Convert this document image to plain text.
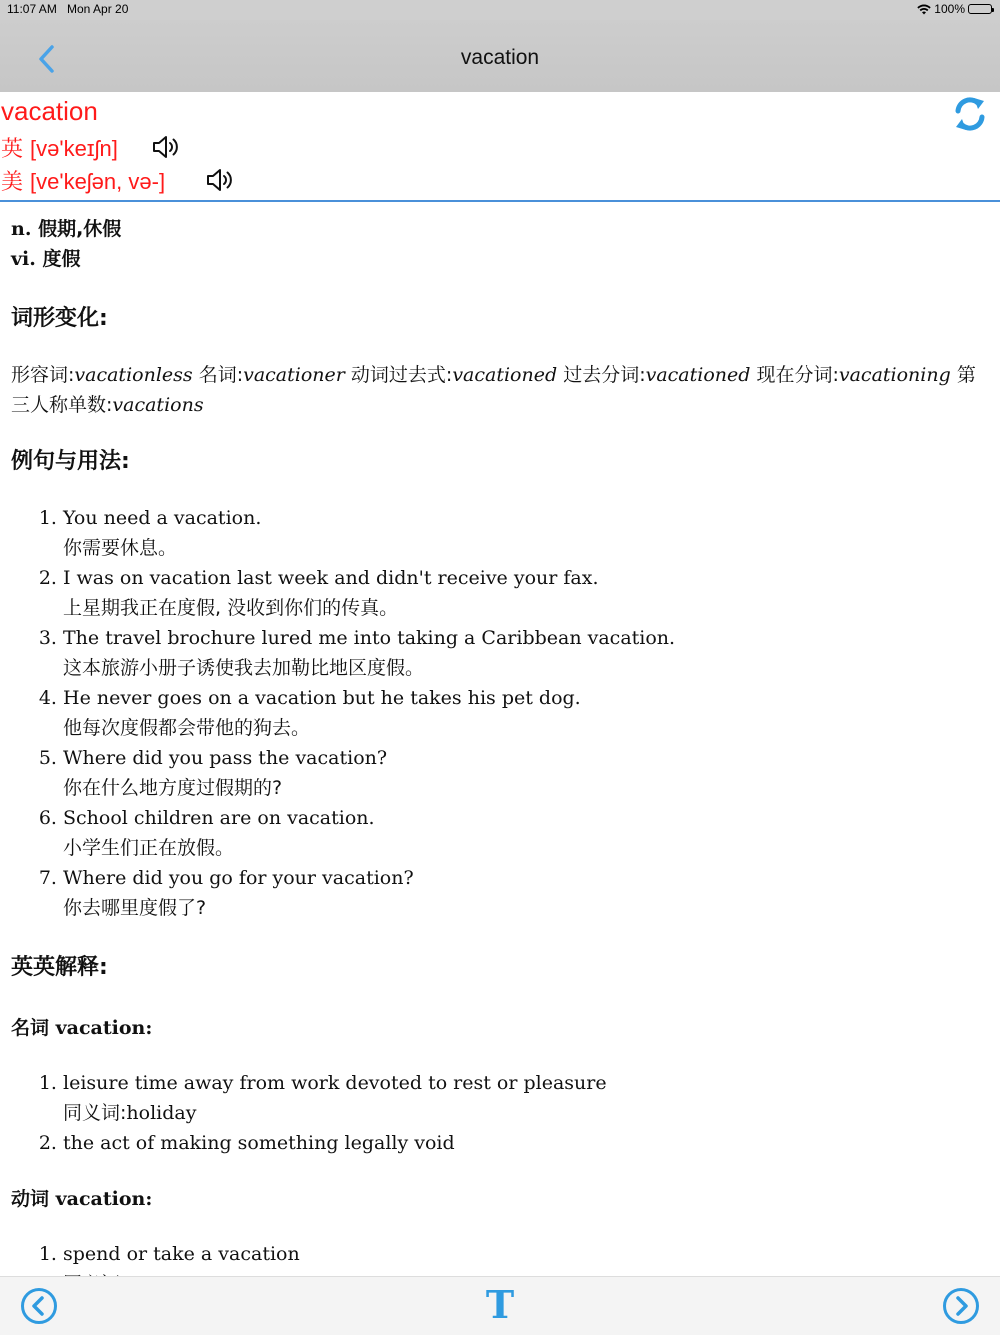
11:07 AM Mon Apr 20	100%
vacation
vacation
英 [və'keɪʃn]
美 [ve'keʃən, və-]
n. 假期,休假
vi. 度假
词形变化:

形容词:vacationless 名词:vacationer 动词过去式:vacationed 过去分词:vacationed 现在分词:vacationing 第三人称单数:vacations

例句与用法:
1. You need a vacation.
你需要休息。
2. I was on vacation last week and didn't receive your fax.
上星期我正在度假, 没收到你们的传真。
3. The travel brochure lured me into taking a Caribbean vacation.
这本旅游小册子诱使我去加勒比地区度假。
4. He never goes on a vacation but he takes his pet dog.
他每次度假都会带他的狗去。
5. Where did you pass the vacation?
你在什么地方度过假期的?
6. School children are on vacation.
小学生们正在放假。
7. Where did you go for your vacation?
你去哪里度假了?
英英解释:
名词 vacation:
1. leisure time away from work devoted to rest or pleasure
同义词:holiday
2. the act of making something legally void
动词 vacation:
1. spend or take a vacation
T
